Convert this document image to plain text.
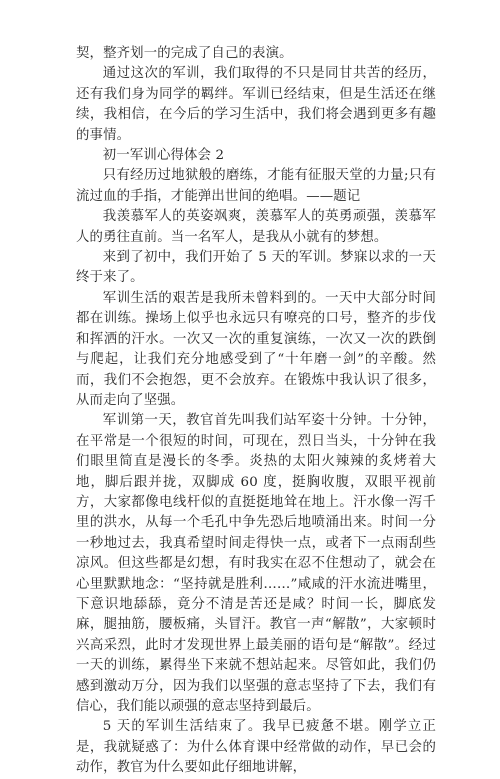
契，整齐划一的完成了自己的表演。

通过这次的军训，我们取得的不只是同甘共苦的经历，还有我们身为同学的羁绊。军训已经结束，但是生活还在继续，我相信，在今后的学习生活中，我们将会遇到更多有趣的事情。

初一军训心得体会 2

只有经历过地狱般的磨练，才能有征服天堂的力量;只有流过血的手指，才能弹出世间的绝唱。——题记

我羡慕军人的英姿飒爽，羡慕军人的英勇顽强，羡慕军人的勇往直前。当一名军人，是我从小就有的梦想。

来到了初中，我们开始了 5 天的军训。梦寐以求的一天终于来了。

军训生活的艰苦是我所未曾料到的。一天中大部分时间都在训练。操场上似乎也永远只有嘹亮的口号，整齐的步伐和挥洒的汗水。一次又一次的重复演练，一次又一次的跌倒与爬起，让我们充分地感受到了“十年磨一剑”的辛酸。然而，我们不会抱怨，更不会放弃。在锻炼中我认识了很多，从而走向了坚强。

军训第一天，教官首先叫我们站军姿十分钟。十分钟，在平常是一个很短的时间，可现在，烈日当头，十分钟在我们眼里简直是漫长的冬季。炎热的太阳火辣辣的炙烤着大地，脚后跟并拢，双脚成 60 度，挺胸收腹，双眼平视前方，大家都像电线杆似的直挺挺地耸在地上。汗水像一泻千里的洪水，从每一个毛孔中争先恐后地喷涌出来。时间一分一秒地过去，我真希望时间走得快一点，或者下一点雨刮些凉风。但这些都是幻想，有时我实在忍不住想动了，就会在心里默默地念：“坚持就是胜利……”咸咸的汗水流进嘴里，下意识地舔舔，竟分不清是苦还是咸？时间一长，脚底发麻，腿抽筋，腰板痛，头冒汗。教官一声“解散”，大家顿时兴高采烈，此时才发现世界上最美丽的语句是“解散”。经过一天的训练，累得坐下来就不想站起来。尽管如此，我们仍感到激动万分，因为我们以坚强的意志坚持了下去，我们有信心，我们能以顽强的意志坚持到最后。

5 天的军训生活结束了。我早已疲惫不堪。刚学立正是，我就疑惑了：为什么体育课中经常做的动作，早已会的动作，教官为什么要如此仔细地讲解，
